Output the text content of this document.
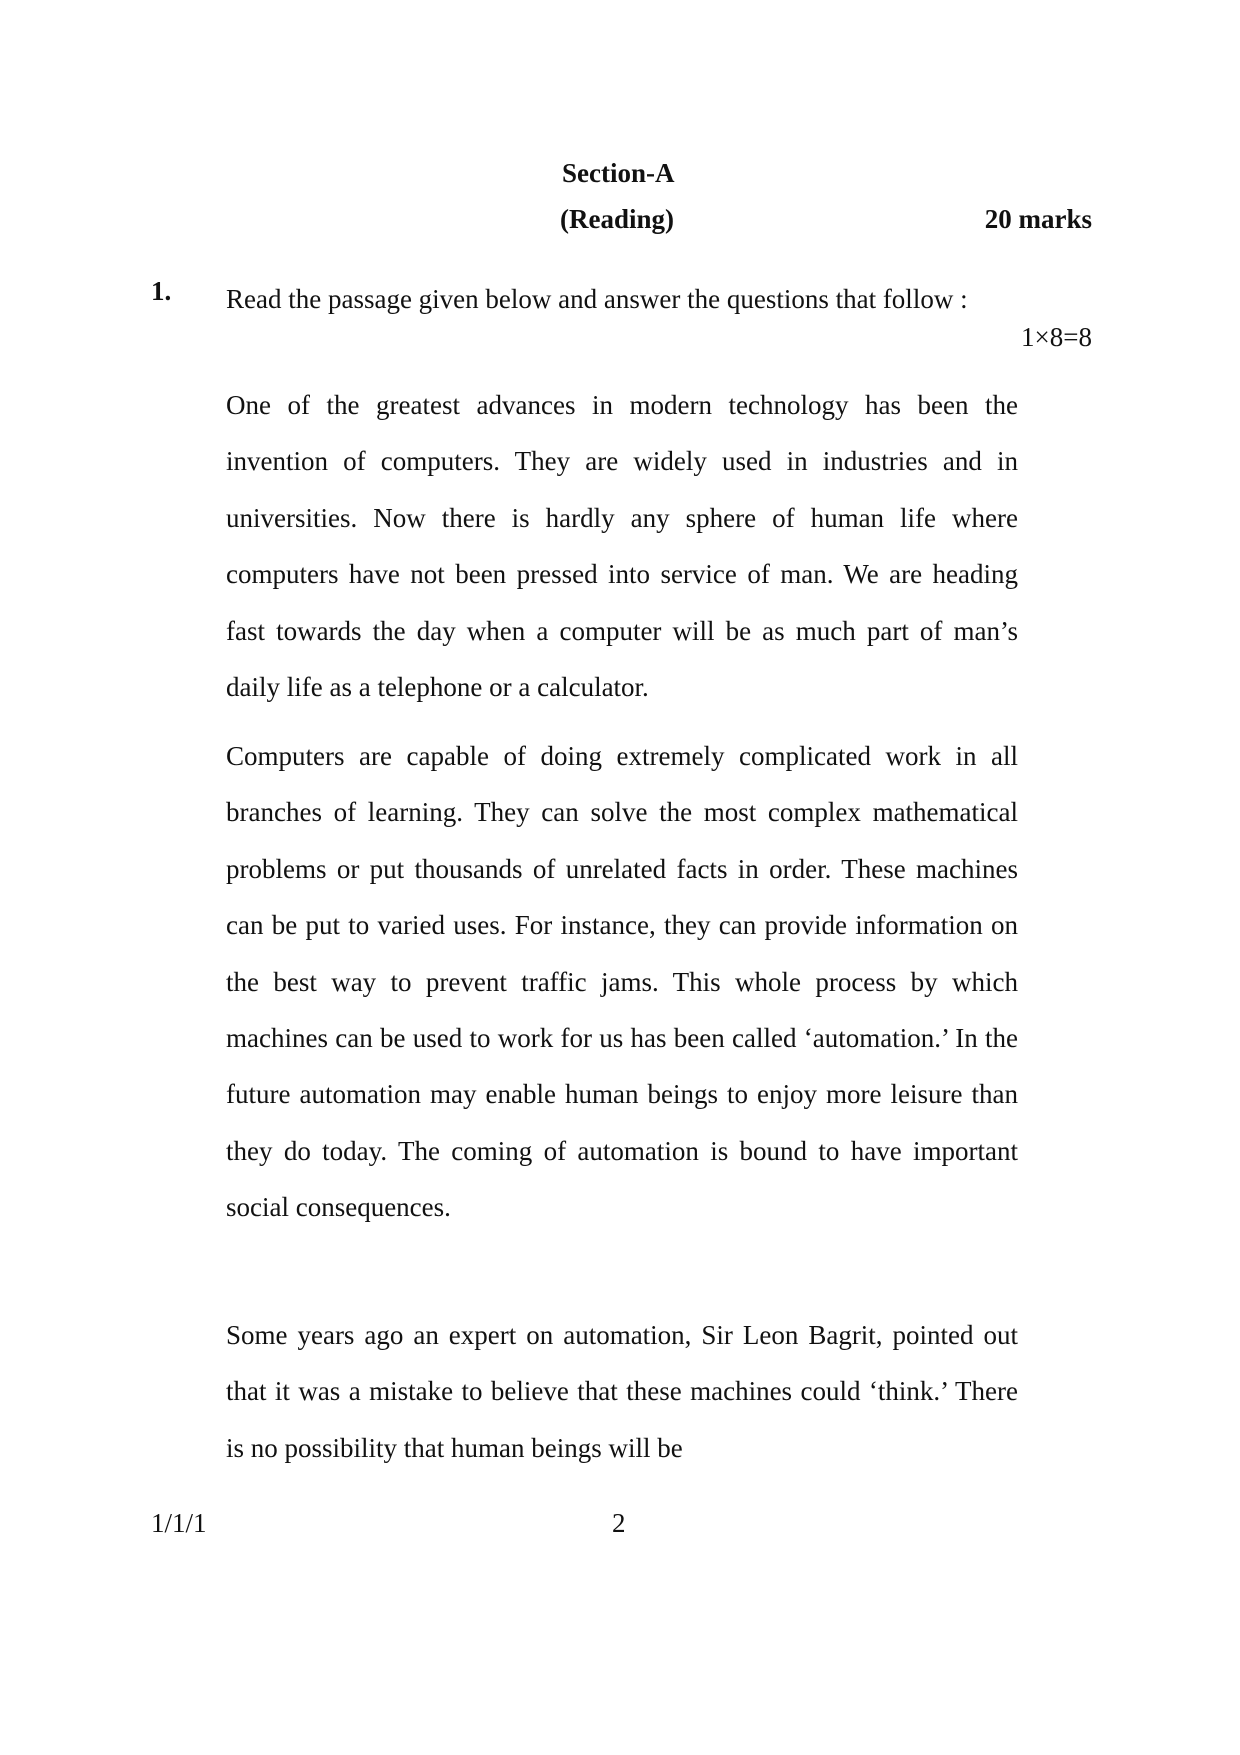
Section-A
(Reading)	20 marks
1. Read the passage given below and answer the questions that follow :
1×8=8

One of the greatest advances in modern technology has been the invention of computers. They are widely used in industries and in universities. Now there is hardly any sphere of human life where computers have not been pressed into service of man. We are heading fast towards the day when a computer will be as much part of man’s daily life as a telephone or a calculator.

Computers are capable of doing extremely complicated work in all branches of learning. They can solve the most complex mathematical problems or put thousands of unrelated facts in order. These machines can be put to varied uses. For instance, they can provide information on the best way to prevent traffic jams. This whole process by which machines can be used to work for us has been called ‘automation.’ In the future automation may enable human beings to enjoy more leisure than they do today. The coming of automation is bound to have important social consequences.

Some years ago an expert on automation, Sir Leon Bagrit, pointed out that it was a mistake to believe that these machines could ‘think.’ There is no possibility that human beings will be

1/1/1	2
